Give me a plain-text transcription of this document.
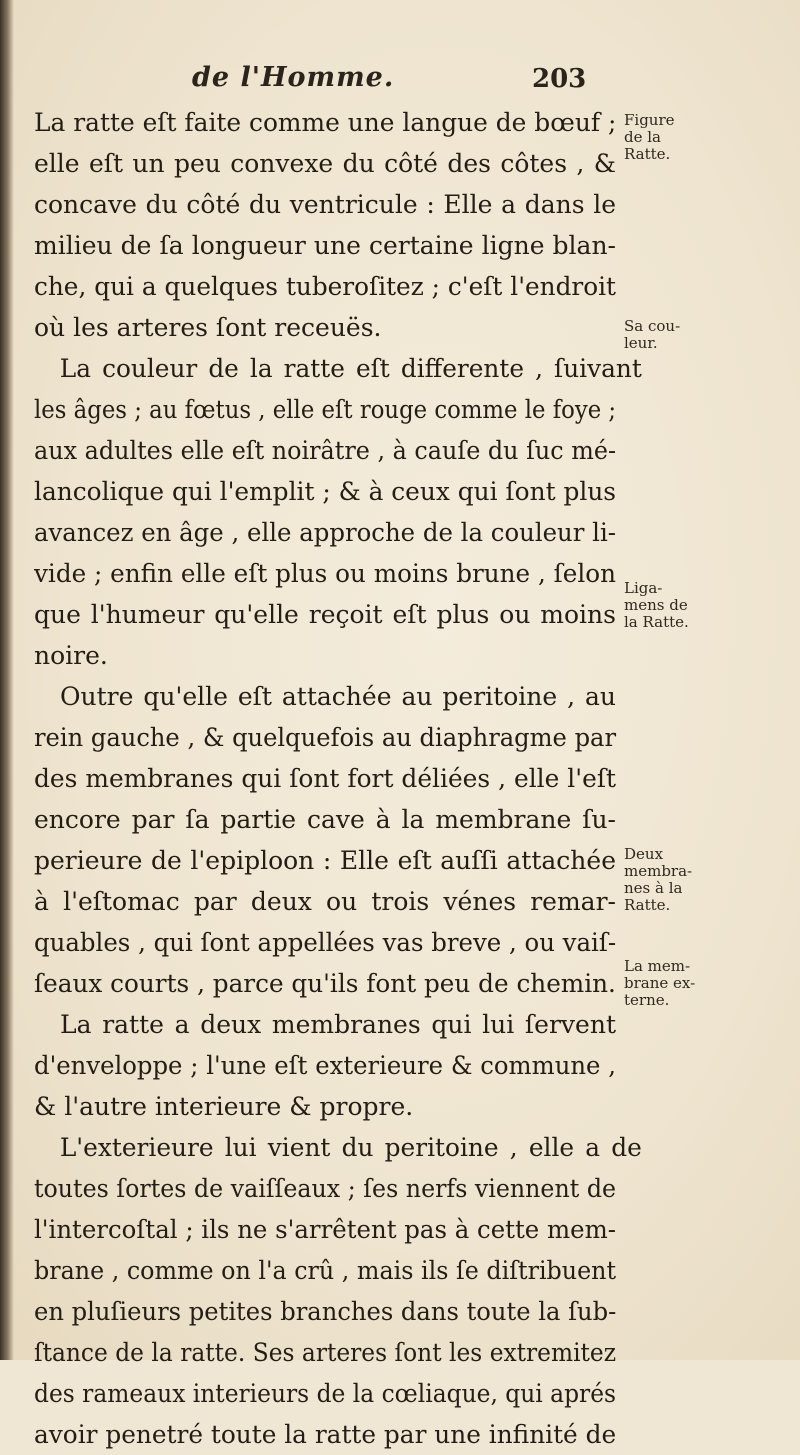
de l'Homme.	203
La ratte eſt faite comme une langue de bœuf ;
elle eſt un peu convexe du côté des côtes , &
concave du côté du ventricule : Elle a dans le
milieu de ſa longueur une certaine ligne blan-
che, qui a quelques tuberoſitez ; c'eſt l'endroit
où les arteres ſont receuës.
La couleur de la ratte eſt differente , ſuivant
les âges ; au fœtus , elle eſt rouge comme le foye ;
aux adultes elle eſt noirâtre , à cauſe du ſuc mé-
lancolique qui l'emplit ; & à ceux qui ſont plus
avancez en âge , elle approche de la couleur li-
vide ; enfin elle eſt plus ou moins brune , ſelon
que l'humeur qu'elle reçoit eſt plus ou moins
noire.
Outre qu'elle eſt attachée au peritoine , au
rein gauche , & quelquefois au diaphragme par
des membranes qui ſont fort déliées , elle l'eſt
encore par ſa partie cave à la membrane ſu-
perieure de l'epiploon : Elle eſt auſſi attachée
à l'eſtomac par deux ou trois vénes remar-
quables , qui ſont appellées vas breve , ou vaiſ-
ſeaux courts , parce qu'ils font peu de chemin.
La ratte a deux membranes qui lui ſervent
d'enveloppe ; l'une eſt exterieure & commune ,
& l'autre interieure & propre.
L'exterieure lui vient du peritoine , elle a de
toutes ſortes de vaiſſeaux ; ſes nerfs viennent de
l'intercoſtal ; ils ne s'arrêtent pas à cette mem-
brane , comme on l'a crû , mais ils ſe diſtribuent
en pluſieurs petites branches dans toute la ſub-
ſtance de la ratte. Ses arteres ſont les extremitez
des rameaux interieurs de la cœliaque, qui aprés
avoir penetré toute la ratte par une infinité de
Figure
de la
Ratte.
Sa cou-
leur.
Liga-
mens de
la Ratte.
Deux
membra-
nes à la
Ratte.
La mem-
brane ex-
terne.
